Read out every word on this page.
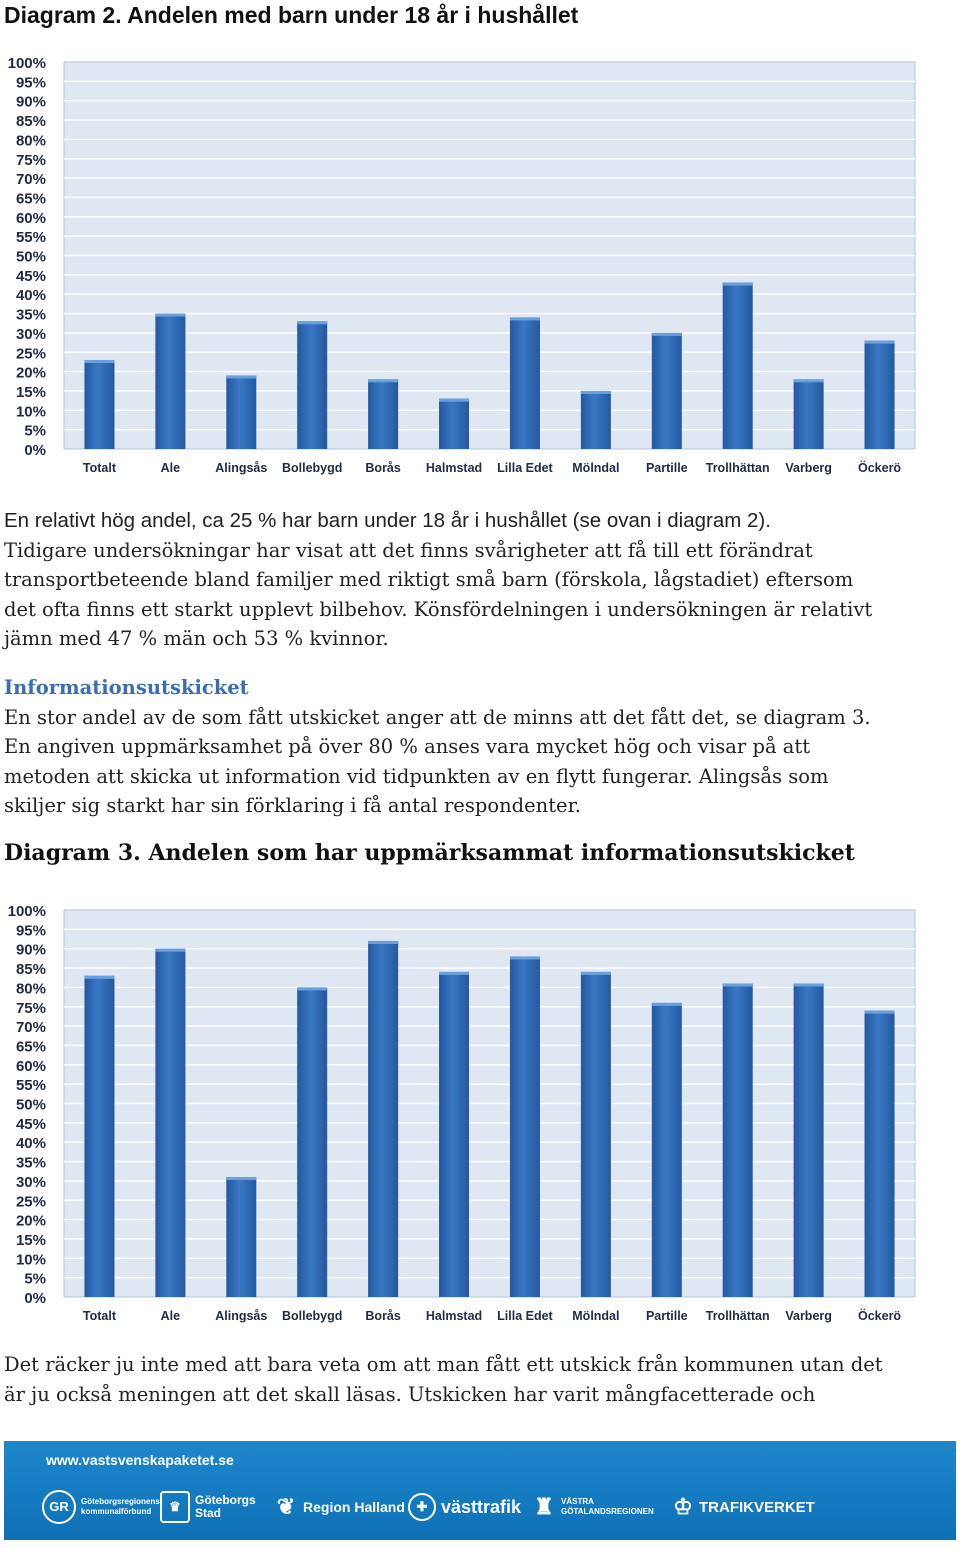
Diagram 2. Andelen med barn under 18 år i hushållet
0%
5%
10%
15%
20%
25%
30%
35%
40%
45%
50%
55%
60%
65%
70%
75%
80%
85%
90%
95%
100%
Totalt	Ale	Alingsås Bollebygd Borås Halmstad Lilla Edet Mölndal Partille Trollhättan Varberg Öckerö
En relativt hög andel, ca 25 % har barn under 18 år i hushållet (se ovan i diagram 2).
Tidigare undersökningar har visat att det finns svårigheter att få till ett förändrat
transportbeteende bland familjer med riktigt små barn (förskola, lågstadiet) eftersom
det ofta finns ett starkt upplevt bilbehov. Könsfördelningen i undersökningen är relativt
jämn med 47 % män och 53 % kvinnor.
Informationsutskicket
En stor andel av de som fått utskicket anger att de minns att det fått det, se diagram 3.
En angiven uppmärksamhet på över 80 % anses vara mycket hög och visar på att
metoden att skicka ut information vid tidpunkten av en flytt fungerar. Alingsås som
skiljer sig starkt har sin förklaring i få antal respondenter.
Diagram 3. Andelen som har uppmärksammat informationsutskicket
0%
5%
10%
15%
20%
25%
30%
35%
40%
45%
50%
55%
60%
65%
70%
75%
80%
85%
90%
95%
100%
Totalt	Ale	Alingsås Bollebygd Borås Halmstad Lilla Edet Mölndal Partille Trollhättan Varberg Öckerö
Det räcker ju inte med att bara veta om att man fått ett utskick från kommunen utan det
är ju också meningen att det skall läsas. Utskicken har varit mångfacetterade och
www.vastsvenskapaketet.se
GR	Göteborgsregionens kommunalförbund	♛	Göteborgs Stad	❦ Region Halland ✚ västtrafik ♜ VÄSTRA GÖTALANDSREGIONEN ♔ TRAFIKVERKET
